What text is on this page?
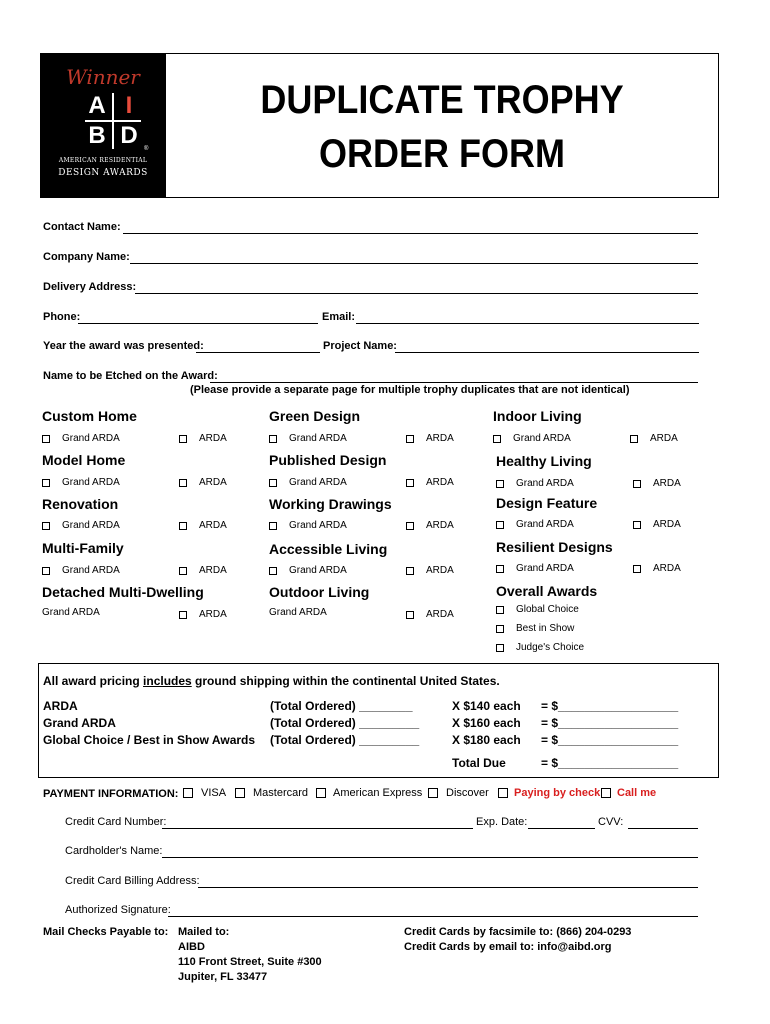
Winner
A I
B D	®
AMERICAN RESIDENTIAL
DESIGN AWARDS
DUPLICATE TROPHY
ORDER FORM
Contact Name:
Company Name:
Delivery Address:
Phone:	Email:
Year the award was presented:	Project Name:
Name to be Etched on the Award:
(Please provide a separate page for multiple trophy duplicates that are not identical)
Custom Home	Green Design	Indoor Living
Grand ARDA	ARDA	Grand ARDA	ARDA	Grand ARDA	ARDA
Model Home	Published Design	Healthy Living
Grand ARDA	ARDA	Grand ARDA	ARDA	Grand ARDA	ARDA
Renovation	Working Drawings	Design Feature
Grand ARDA	ARDA	Grand ARDA	ARDA	Grand ARDA	ARDA
Multi-Family	Accessible Living	Resilient Designs
Grand ARDA	ARDA	Grand ARDA	ARDA	Grand ARDA	ARDA
Detached Multi-Dwelling	Outdoor Living	Overall Awards
Grand ARDA	ARDA	Grand ARDA	ARDA	Global Choice
Best in Show
Judge's Choice
All award pricing includes ground shipping within the continental United States.
ARDA	(Total Ordered) ________	X $140 each = $__________________
Grand ARDA	(Total Ordered) _________	X $160 each = $__________________
Global Choice / Best in Show Awards (Total Ordered) _________	X $180 each = $__________________
Total Due	= $__________________
PAYMENT INFORMATION: VISA Mastercard American Express Discover Paying by check Call me
Credit Card Number:	Exp. Date:	CVV:
Cardholder's Name:
Credit Card Billing Address:
Authorized Signature:
Mail Checks Payable to: Mailed to:
AIBD
110 Front Street, Suite #300
Jupiter, FL 33477
Credit Cards by facsimile to: (866) 204-0293
Credit Cards by email to: info@aibd.org
